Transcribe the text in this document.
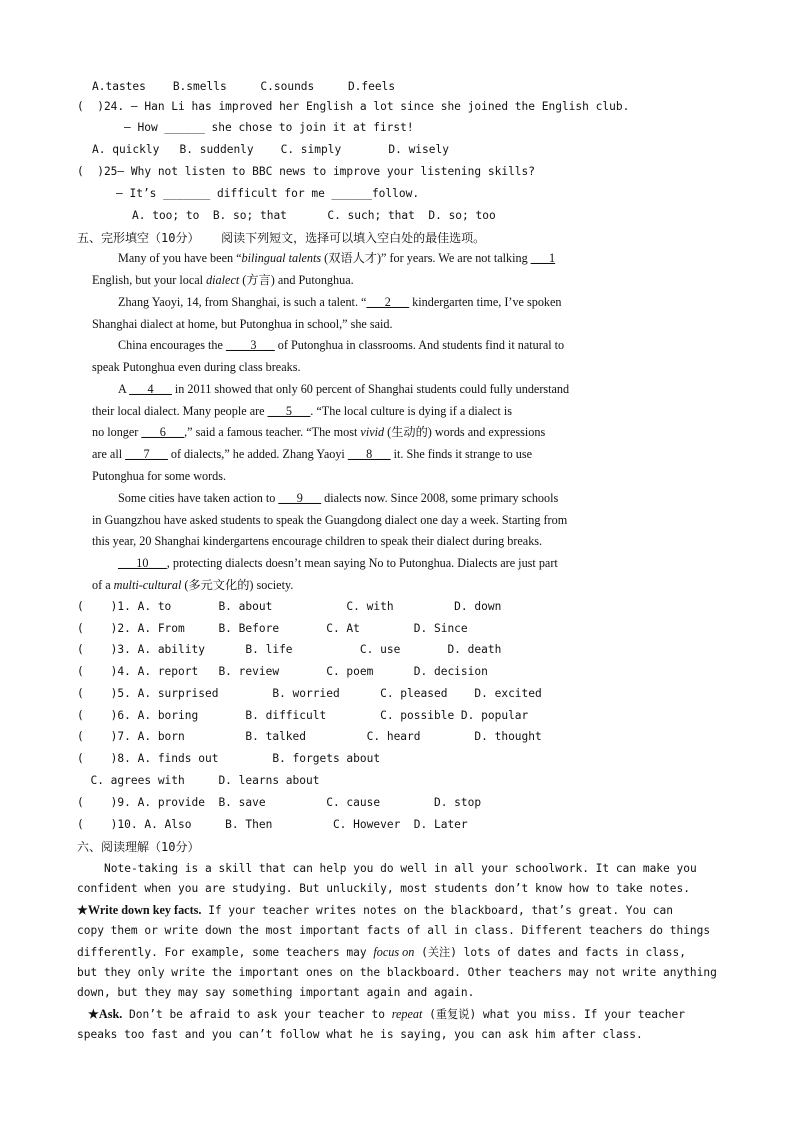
A.tastes    B.smells     C.sounds     D.feels
(  )24. — Han Li has improved her English a lot since she joined the English club.
— How ______ she chose to join it at first!
A. quickly   B. suddenly    C. simply       D. wisely
(  )25— Why not listen to BBC news to improve your listening skills?
— It’s _______ difficult for me ______follow.
A. too; to  B. so; that      C. such; that  D. so; too
五、完形填空（10分）   阅读下列短文，选择可以填入空白处的最佳选项。
Many of you have been “bilingual talents (双语人才)” for years. We are not talking ___1
English, but your local dialect (方言) and Putonghua.
Zhang Yaoyi, 14, from Shanghai, is such a talent. “___2___ kindergarten time, I’ve spoken
Shanghai dialect at home, but Putonghua in school,” she said.
China encourages the ____3___ of Putonghua in classrooms. And students find it natural to
speak Putonghua even during class breaks.
A ___4___ in 2011 showed that only 60 percent of Shanghai students could fully understand
their local dialect. Many people are ___5___. “The local culture is dying if a dialect is
no longer ___6___,” said a famous teacher. “The most vivid (生动的) words and expressions
are all ___7___ of dialects,” he added. Zhang Yaoyi ___8___ it. She finds it strange to use
Putonghua for some words.
Some cities have taken action to ___9___ dialects now. Since 2008, some primary schools
in Guangzhou have asked students to speak the Guangdong dialect one day a week. Starting from
this year, 20 Shanghai kindergartens encourage children to speak their dialect during breaks.
___10___, protecting dialects doesn’t mean saying No to Putonghua. Dialects are just part
of a multi-cultural (多元文化的) society.
(    )1. A. to       B. about           C. with         D. down
(    )2. A. From     B. Before       C. At        D. Since
(    )3. A. ability      B. life          C. use       D. death
(    )4. A. report   B. review       C. poem      D. decision
(    )5. A. surprised        B. worried      C. pleased    D. excited
(    )6. A. boring       B. difficult        C. possible D. popular
(    )7. A. born         B. talked         C. heard        D. thought
(    )8. A. finds out        B. forgets about
C. agrees with     D. learns about
(    )9. A. provide  B. save         C. cause        D. stop
(    )10. A. Also     B. Then         C. However  D. Later
六、阅读理解（10分）
Note-taking is a skill that can help you do well in all your schoolwork. It can make you
confident when you are studying. But unluckily, most students don’t know how to take notes.
★Write down key facts. If your teacher writes notes on the blackboard, that’s great. You can
copy them or write down the most important facts of all in class. Different teachers do things
differently. For example, some teachers may focus on (关注) lots of dates and facts in class,
but they only write the important ones on the blackboard. Other teachers may not write anything
down, but they may say something important again and again.
★Ask. Don’t be afraid to ask your teacher to repeat (重复说) what you miss. If your teacher
speaks too fast and you can’t follow what he is saying, you can ask him after class.
